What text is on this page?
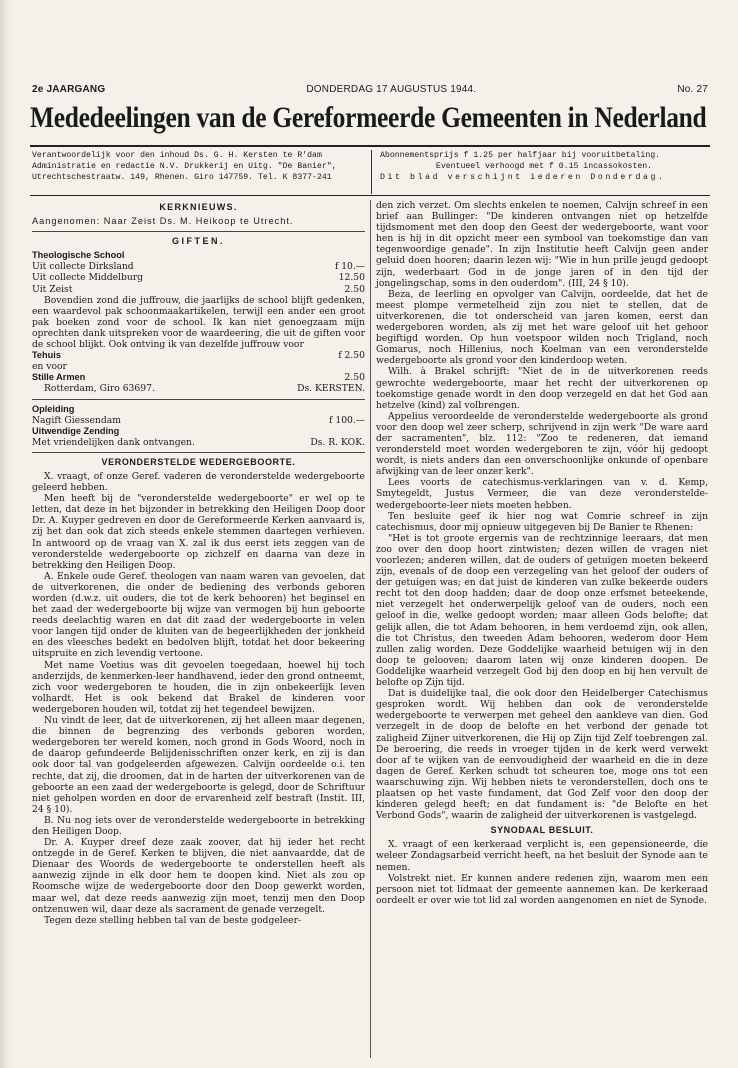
2e JAARGANG	DONDERDAG 17 AUGUSTUS 1944.	No. 27
Mededeelingen van de Gereformeerde Gemeenten in Nederland
Verantwoordelijk voor den inhoud Ds. G. H. Kersten te R'dam
Administratie en redactie N.V. Drukkerij en Uitg. "De Banier",
Utrechtschestraatw. 149, Rhenen. Giro 147759. Tel. K 8377-241
Abonnementsprijs f 1.25 per halfjaar bij vooruitbetaling.
Eventueel verhoogd met f 0.15 incassokosten.
Dit blad verschijnt iederen Donderdag.
KERKNIEUWS.
Aangenomen: Naar Zeist Ds. M. Heikoop te Utrecht.
GIFTEN.
Theologische School
Uit collecte Dirksland	f 10.—
Uit collecte Middelburg	12.50
Uit Zeist	2.50

Bovendien zond die juffrouw, die jaarlijks de school blijft gedenken, een waardevol pak schoonmaakartikelen, terwijl een ander een groot pak boeken zond voor de school. Ik kan niet genoegzaam mijn oprechten dank uitspreken voor de waardeering, die uit de giften voor de school blijkt. Ook ontving ik van dezelfde juffrouw voor

Tehuis	f 2.50
en voor
Stille Armen	2.50
Rotterdam, Giro 63697.	Ds. KERSTEN.
Opleiding
Nagift Giessendam	f 100.—
Uitwendige Zending
Met vriendelijken dank ontvangen.	Ds. R. KOK.
VERONDERSTELDE WEDERGEBOORTE.

X. vraagt, of onze Geref. vaderen de veronderstelde wedergeboorte geleerd hebben.

Men heeft bij de "veronderstelde wedergeboorte" er wel op te letten, dat deze in het bijzonder in betrekking den Heiligen Doop door Dr. A. Kuyper gedreven en door de Gereformeerde Kerken aanvaard is, zij het dan ook dat zich steeds enkele stemmen daartegen verhieven. In antwoord op de vraag van X. zal ik dus eerst iets zeggen van de veronderstelde wedergeboorte op zichzelf en daarna van deze in betrekking den Heiligen Doop.

A. Enkele oude Geref. theologen van naam waren van gevoelen, dat de uitverkorenen, die onder de bediening des verbonds geboren worden (d.w.z. uit ouders, die tot de kerk behooren) het beginsel en het zaad der wedergeboorte bij wijze van vermogen bij hun geboorte reeds deelachtig waren en dat dit zaad der wedergeboorte in velen voor langen tijd onder de kluiten van de begeerlijkheden der jonkheid en des vleesches bedekt en bedolven blijft, totdat het door bekeering uitspruite en zich levendig vertoone.

Met name Voetius was dit gevoelen toegedaan, hoewel hij toch anderzijds, de kenmerken-leer handhavend, ieder den grond ontneemt, zich voor wedergeboren te houden, die in zijn onbekeerlijk leven volhardt. Het is ook bekend dat Brakel de kinderen voor wedergeboren houden wil, totdat zij het tegendeel bewijzen.

Nu vindt de leer, dat de uitverkorenen, zij het alleen maar degenen, die binnen de begrenzing des verbonds geboren worden, wedergeboren ter wereld komen, noch grond in Gods Woord, noch in de daarop gefundeerde Belijdenisschriften onzer kerk, en zij is dan ook door tal van godgeleerden afgewezen. Calvijn oordeelde o.i. ten rechte, dat zij, die droomen, dat in de harten der uitverkorenen van de geboorte an een zaad der wedergeboorte is gelegd, door de Schriftuur niet geholpen worden en door de ervarenheid zelf bestraft (Instit. III, 24 § 10).

B. Nu nog iets over de veronderstelde wedergeboorte in betrekking den Heiligen Doop.

Dr. A. Kuyper dreef deze zaak zoover, dat hij ieder het recht ontzegde in de Geref. Kerken te blijven, die niet aanvaardde, dat de Dienaar des Woords de wedergeboorte te onderstellen heeft als aanwezig zijnde in elk door hem te doopen kind. Niet als zou op Roomsche wijze de wedergeboorte door den Doop gewerkt worden, maar wel, dat deze reeds aanwezig zijn moet, tenzij men den Doop ontzenuwen wil, daar deze als sacrament de genade verzegelt.

Tegen deze stelling hebben tal van de beste godgeleer-

den zich verzet. Om slechts enkelen te noemen, Calvijn schreef in een brief aan Bullinger: "De kinderen ontvangen niet op hetzelfde tijdsmoment met den doop den Geest der wedergeboorte, want voor hen is hij in dit opzicht meer een symbool van toekomstige dan van tegenwoordige genade". In zijn Institutie heeft Calvijn geen ander geluid doen hooren; daarin lezen wij: "Wie in hun prille jeugd gedoopt zijn, wederbaart God in de jonge jaren of in den tijd der jongelingschap, soms in den ouderdom". (III, 24 § 10).

Beza, de leerling en opvolger van Calvijn, oordeelde, dat het de meest plompe vermetelheid zijn zou niet te stellen, dat de uitverkorenen, die tot onderscheid van jaren komen, eerst dan wedergeboren worden, als zij met het ware geloof uit het gehoor begiftigd worden. Op hun voetspoor wilden noch Trigland, noch Gomarus, noch Hillenius, noch Koelman van een veronderstelde wedergeboorte als grond voor den kinderdoop weten.

Wilh. à Brakel schrijft: "Niet de in de uitverkorenen reeds gewrochte wedergeboorte, maar het recht der uitverkorenen op toekomstige genade wordt in den doop verzegeld en dat het God aan hetzelve (kind) zal volbrengen.

Appelius veroordeelde de veronderstelde wedergeboorte als grond voor den doop wel zeer scherp, schrijvend in zijn werk "De ware aard der sacramenten", blz. 112: "Zoo te redeneren, dat iemand verondersteld moet worden wedergeboren te zijn, vóór hij gedoopt wordt, is niets anders dan een onverschoonlijke onkunde of openbare afwijking van de leer onzer kerk".

Lees voorts de catechismus-verklaringen van v. d. Kemp, Smytegeldt, Justus Vermeer, die van deze veronderstelde-wedergeboorte-leer niets moeten hebben.

Ten besluite geef ik hier nog wat Comrie schreef in zijn catechismus, door mij opnieuw uitgegeven bij De Banier te Rhenen:

"Het is tot groote ergernis van de rechtzinnige leeraars, dat men zoo over den doop hoort zintwisten; dezen willen de vragen niet voorlezen; anderen willen, dat de ouders of getuigen moeten bekeerd zijn, evenals of de doop een verzegeling van het geloof der ouders of der getuigen was; en dat juist de kinderen van zulke bekeerde ouders recht tot den doop hadden; daar de doop onze erfsmet beteekende, niet verzegelt het onderwerpelijk geloof van de ouders, noch een geloof in die, welke gedoopt worden; maar alleen Gods belofte; dat gelijk allen, die tot Adam behooren, in hem verdoemd zijn, ook allen, die tot Christus, den tweeden Adam behooren, wederom door Hem zullen zalig worden. Deze Goddelijke waarheid betuigen wij in den doop te gelooven; daarom laten wij onze kinderen doopen. De Goddelijke waarheid verzegelt God bij den doop en bij hen vervult de belofte op Zijn tijd.

Dat is duidelijke taal, die ook door den Heidelberger Catechismus gesproken wordt. Wij hebben dan ook de veronderstelde wedergeboorte te verwerpen met geheel den aankleve van dien. God verzegelt in de doop de belofte en het verbond der genade tot zaligheid Zijner uitverkorenen, die Hij op Zijn tijd Zelf toebrengen zal. De beroering, die reeds in vroeger tijden in de kerk werd verwekt door af te wijken van de eenvoudigheid der waarheid en die in deze dagen de Geref. Kerken schudt tot scheuren toe, moge ons tot een waarschuwing zijn. Wij hebben niets te veronderstellen, doch ons te plaatsen op het vaste fundament, dat God Zelf voor den doop der kinderen gelegd heeft; en dat fundament is: "de Belofte en het Verbond Gods", waarin de zaligheid der uitverkorenen is vastgelegd.

SYNODAAL BESLUIT.

X. vraagt of een kerkeraad verplicht is, een gepensioneerde, die weleer Zondagsarbeid verricht heeft, na het besluit der Synode aan te nemen.

Volstrekt niet. Er kunnen andere redenen zijn, waarom men een persoon niet tot lidmaat der gemeente aannemen kan. De kerkeraad oordeelt er over wie tot lid zal worden aangenomen en niet de Synode.
